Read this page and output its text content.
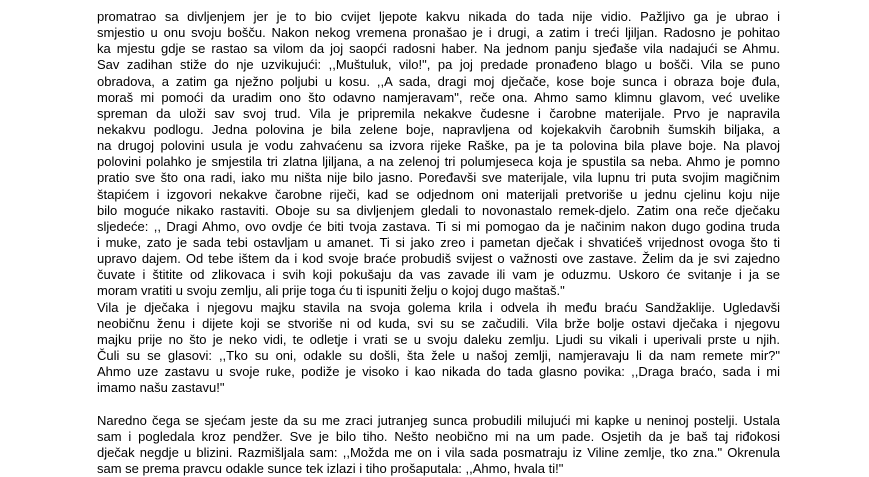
promatrao sa divljenjem jer je to bio cvijet ljepote kakvu nikada do tada nije vidio. Pažljivo ga je ubrao i
smjestio u onu svoju bošču. Nakon nekog vremena pronašao je i drugi, a zatim i treći ljiljan. Radosno je pohitao
ka mjestu gdje se rastao sa vilom da joj saopći radosni haber. Na jednom panju sjeđaše vila nadajući se Ahmu.
Sav zadihan stiže do nje uzvikujući: ,,Muštuluk, vilo!", pa joj predade pronađeno blago u bošči. Vila se puno
obradova, a zatim ga nježno poljubi u kosu. ,,A sada, dragi moj dječače, kose boje sunca i obraza boje đula,
moraš mi pomoći da uradim ono što odavno namjeravam", reče ona. Ahmo samo klimnu glavom, već uvelike
spreman da uloži sav svoj trud. Vila je pripremila nekakve čudesne i čarobne materijale. Prvo je napravila
nekakvu podlogu. Jedna polovina je bila zelene boje, napravljena od kojekakvih čarobnih šumskih biljaka, a
na drugoj polovini usula je vodu zahvaćenu sa izvora rijeke Raške, pa je ta polovina bila plave boje. Na plavoj
polovini polahko je smjestila tri zlatna ljiljana, a na zelenoj tri polumjeseca koja je spustila sa neba. Ahmo je pomno
pratio sve što ona radi, iako mu ništa nije bilo jasno. Poređavši sve materijale, vila lupnu tri puta svojim magičnim
štapićem i izgovori nekakve čarobne riječi, kad se odjednom oni materijali pretvoriše u jednu cjelinu koju nije
bilo moguće nikako rastaviti. Oboje su sa divljenjem gledali to novonastalo remek-djelo. Zatim ona reče dječaku
sljedeće: ,, Dragi Ahmo, ovo ovdje će biti tvoja zastava. Ti si mi pomogao da je načinim nakon dugo godina truda
i muke, zato je sada tebi ostavljam u amanet. Ti si jako zreo i pametan dječak i shvatićeš vrijednost ovoga što ti
upravo dajem. Od tebe ištem da i kod svoje braće probudiš svijest o važnosti ove zastave. Želim da je svi zajedno
čuvate i štitite od zlikovaca i svih koji pokušaju da vas zavade ili vam je oduzmu. Uskoro će svitanje i ja se
moram vratiti u svoju zemlju, ali prije toga ću ti ispuniti želju o kojoj dugo maštaš."
Vila je dječaka i njegovu majku stavila na svoja golema krila i odvela ih među braću Sandžaklije. Ugledavši
neobičnu ženu i dijete koji se stvoriše ni od kuda, svi su se začudili. Vila brže bolje ostavi dječaka i njegovu
majku prije no što je neko vidi, te odletje i vrati se u svoju daleku zemlju. Ljudi su vikali i uperivali prste u njih.
Čuli su se glasovi: ,,Tko su oni, odakle su došli, šta žele u našoj zemlji, namjeravaju li da nam remete mir?"
Ahmo uze zastavu u svoje ruke, podiže je visoko i kao nikada do tada glasno povika: ,,Draga braćo, sada i mi
imamo našu zastavu!"
Naredno čega se sjećam jeste da su me zraci jutranjeg sunca probudili milujući mi kapke u neninoj postelji. Ustala
sam i pogledala kroz pendžer. Sve je bilo tiho. Nešto neobično mi na um pade. Osjetih da je baš taj riđokosi
dječak negdje u blizini. Razmišljala sam: ,,Možda me on i vila sada posmatraju iz Viline zemlje, tko zna." Okrenula
sam se prema pravcu odakle sunce tek izlazi i tiho prošaputala: ,,Ahmo, hvala ti!"
